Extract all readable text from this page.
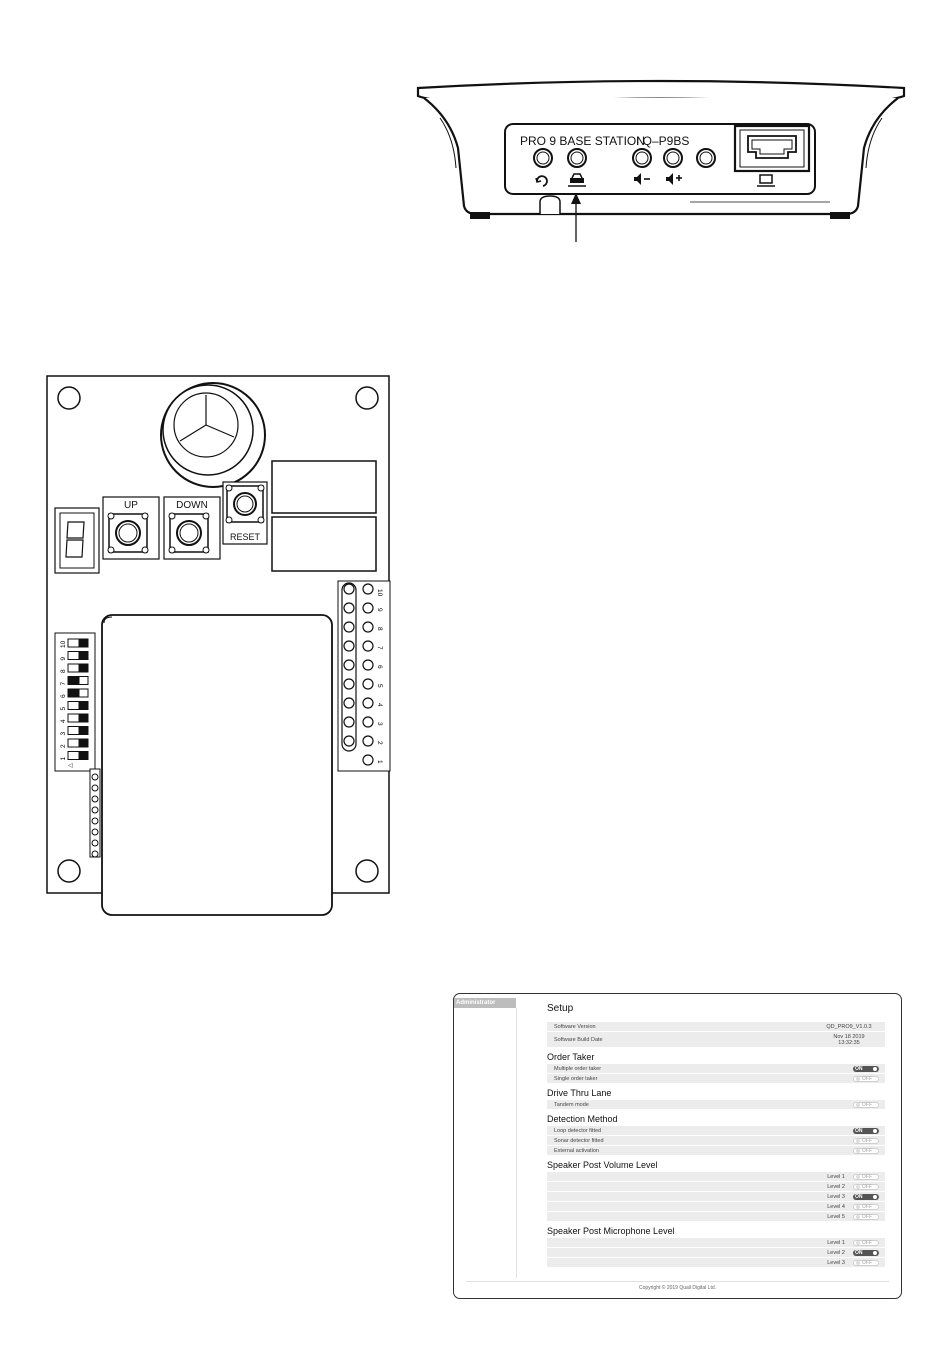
PRO 9 BASE STATION
I Q–P9BS
UP	DOWN
RESET
10
9
8
7
6
5
4
3
2
1
◁
10
9
8
7
6
5
4
3
2
1
Administrator	Setup
Software Version	QD_PRO9_V1.0.3
Software Build Date	Nov 18 2019
13:32:35
Order Taker
Multiple order taker	ON
Single order taker	OFF
Drive Thru Lane
Tandem mode	OFF
Detection Method
Loop detector fitted	ON
Sonar detector fitted	OFF
External activation	OFF
Speaker Post Volume Level
Level 1	OFF
Level 2	OFF
Level 3	ON
Level 4	OFF
Level 5	OFF
Speaker Post Microphone Level
Level 1	OFF
Level 2	ON
Level 3	OFF
Copyright © 2019 Quail Digital Ltd.
